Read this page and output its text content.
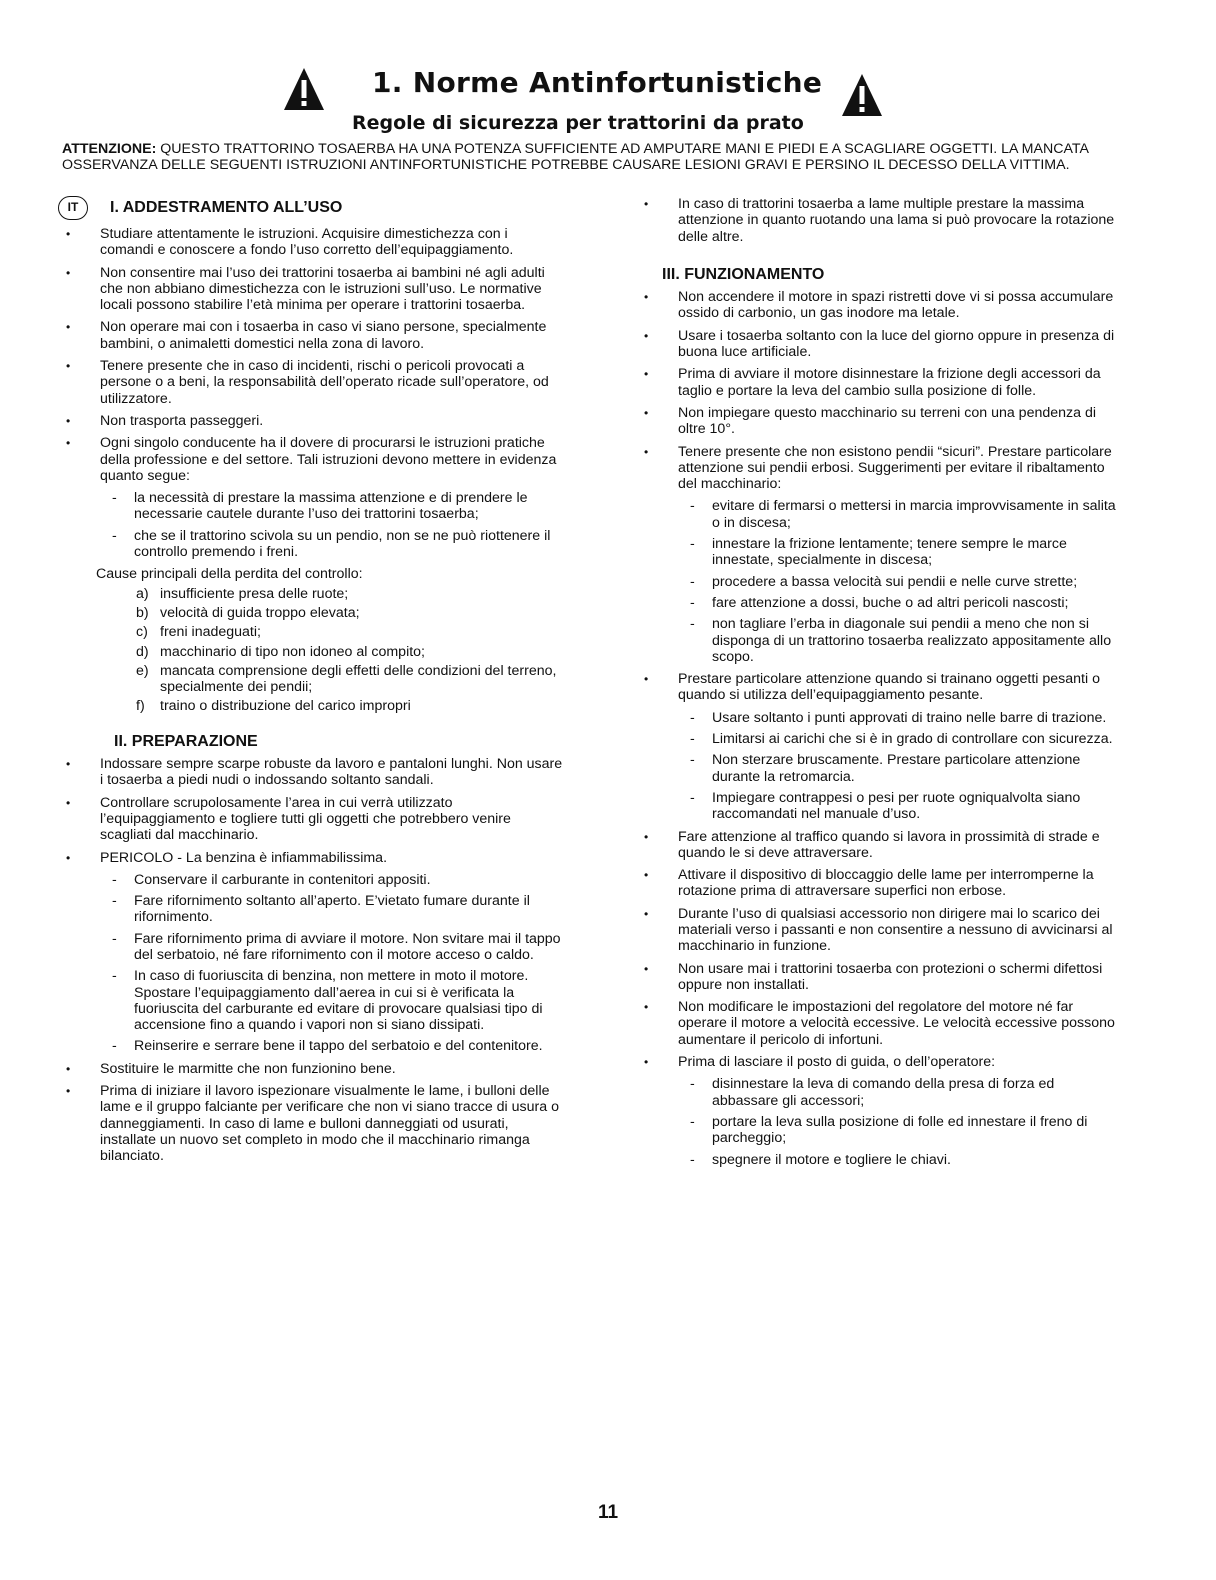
1. Norme Antinfortunistiche
Regole di sicurezza per trattorini da prato
ATTENZIONE: QUESTO TRATTORINO TOSAERBA HA UNA POTENZA SUFFICIENTE AD AMPUTARE MANI E PIEDI E A SCAGLIARE OGGETTI. LA MANCATA OSSERVANZA DELLE SEGUENTI ISTRUZIONI ANTINFORTUNISTICHE POTREBBE CAUSARE LESIONI GRAVI E PERSINO IL DECESSO DELLA VITTIMA.
IT	I. ADDESTRAMENTO ALL’USO
• Studiare attentamente le istruzioni. Acquisire dimestichezza con i comandi e conoscere a fondo l’uso corretto dell’equipaggiamento.
• Non consentire mai l’uso dei trattorini tosaerba ai bambini né agli adulti che non abbiano dimestichezza con le istruzioni sull’uso. Le normative locali possono stabilire l’età minima per operare i trattorini tosaerba.
• Non operare mai con i tosaerba in caso vi siano persone, specialmente bambini, o animaletti domestici nella zona di lavoro.
• Tenere presente che in caso di incidenti, rischi o pericoli provocati a persone o a beni, la responsabilità dell’operato ricade sull’operatore, od utilizzatore.
• Non trasporta passeggeri.
• Ogni singolo conducente ha il dovere di procurarsi le istruzioni pratiche della professione e del settore. Tali istruzioni devono mettere in evidenza quanto segue:
- la necessità di prestare la massima attenzione e di prendere le necessarie cautele durante l’uso dei trattorini tosaerba;
- che se il trattorino scivola su un pendio, non se ne può riottenere il controllo premendo i freni.
Cause principali della perdita del controllo:
a) insufficiente presa delle ruote;
b) velocità di guida troppo elevata;
c) freni inadeguati;
d) macchinario di tipo non idoneo al compito;
e) mancata comprensione degli effetti delle condizioni del terreno, specialmente dei pendii;
f) traino o distribuzione del carico impropri
II. PREPARAZIONE
• Indossare sempre scarpe robuste da lavoro e pantaloni lunghi. Non usare i tosaerba a piedi nudi o indossando soltanto sandali.
• Controllare scrupolosamente l’area in cui verrà utilizzato l’equipaggiamento e togliere tutti gli oggetti che potrebbero venire scagliati dal macchinario.
• PERICOLO - La benzina è infiammabilissima.
- Conservare il carburante in contenitori appositi.
- Fare rifornimento soltanto all’aperto. E’vietato fumare durante il rifornimento.
- Fare rifornimento prima di avviare il motore. Non svitare mai il tappo del serbatoio, né fare rifornimento con il motore acceso o caldo.
- In caso di fuoriuscita di benzina, non mettere in moto il motore. Spostare l’equipaggiamento dall’aerea in cui si è verificata la fuoriuscita del carburante ed evitare di provocare qualsiasi tipo di accensione fino a quando i vapori non si siano dissipati.
- Reinserire e serrare bene il tappo del serbatoio e del contenitore.
• Sostituire le marmitte che non funzionino bene.
• Prima di iniziare il lavoro ispezionare visualmente le lame, i bulloni delle lame e il gruppo falciante per verificare che non vi siano tracce di usura o danneggiamenti. In caso di lame e bulloni danneggiati od usurati, installate un nuovo set completo in modo che il macchinario rimanga bilanciato.
• In caso di trattorini tosaerba a lame multiple prestare la massima attenzione in quanto ruotando una lama si può provocare la rotazione delle altre.
III. FUNZIONAMENTO
• Non accendere il motore in spazi ristretti dove vi si possa accumulare ossido di carbonio, un gas inodore ma letale.
• Usare i tosaerba soltanto con la luce del giorno oppure in presenza di buona luce artificiale.
• Prima di avviare il motore disinnestare la frizione degli accessori da taglio e portare la leva del cambio sulla posizione di folle.
• Non impiegare questo macchinario su terreni con una pendenza di oltre 10°.
• Tenere presente che non esistono pendii “sicuri”. Prestare particolare attenzione sui pendii erbosi. Suggerimenti per evitare il ribaltamento del macchinario:
- evitare di fermarsi o mettersi in marcia improvvisamente in salita o in discesa;
- innestare la frizione lentamente; tenere sempre le marce innestate, specialmente in discesa;
- procedere a bassa velocità sui pendii e nelle curve strette;
- fare attenzione a dossi, buche o ad altri pericoli nascosti;
- non tagliare l’erba in diagonale sui pendii a meno che non si disponga di un trattorino tosaerba realizzato appositamente allo scopo.
• Prestare particolare attenzione quando si trainano oggetti pesanti o quando si utilizza dell’equipaggiamento pesante.
- Usare soltanto i punti approvati di traino nelle barre di trazione.
- Limitarsi ai carichi che si è in grado di controllare con sicurezza.
- Non sterzare bruscamente. Prestare particolare attenzione durante la retromarcia.
- Impiegare contrappesi o pesi per ruote ogniqualvolta siano raccomandati nel manuale d’uso.
• Fare attenzione al traffico quando si lavora in prossimità di strade e quando le si deve attraversare.
• Attivare il dispositivo di bloccaggio delle lame per interromperne la rotazione prima di attraversare superfici non erbose.
• Durante l’uso di qualsiasi accessorio non dirigere mai lo scarico dei materiali verso i passanti e non consentire a nessuno di avvicinarsi al macchinario in funzione.
• Non usare mai i trattorini tosaerba con protezioni o schermi difettosi oppure non installati.
• Non modificare le impostazioni del regolatore del motore né far operare il motore a velocità eccessive. Le velocità eccessive possono aumentare il pericolo di infortuni.
• Prima di lasciare il posto di guida, o dell’operatore:
- disinnestare la leva di comando della presa di forza ed abbassare gli accessori;
- portare la leva sulla posizione di folle ed innestare il freno di parcheggio;
- spegnere il motore e togliere le chiavi.
11
